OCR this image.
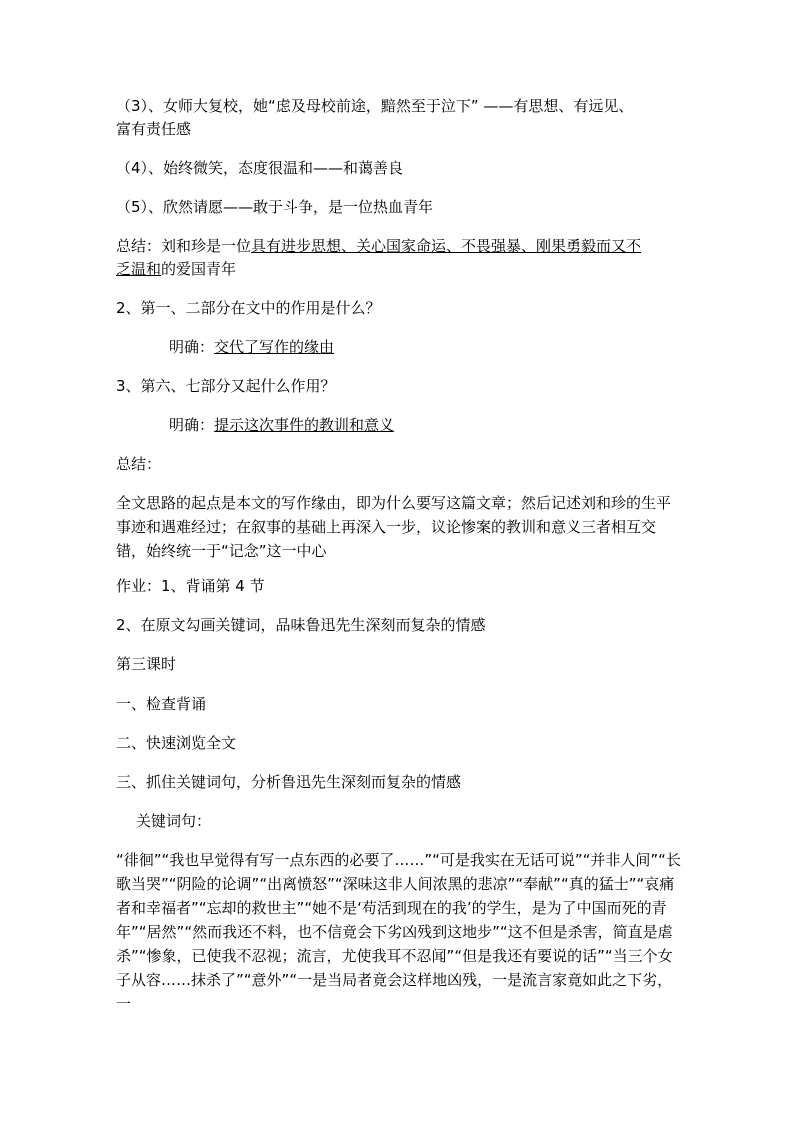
（3）、女师大复校，她“虑及母校前途，黯然至于泣下” ——有思想、有远见、

富有责任感

（4）、始终微笑，态度很温和——和蔼善良

（5）、欣然请愿——敢于斗争，是一位热血青年

总结：刘和珍是一位具有进步思想、关心国家命运、不畏强暴、刚果勇毅而又不

乏温和的爱国青年

2、第一、二部分在文中的作用是什么？

明确：交代了写作的缘由

3、第六、七部分又起什么作用？

明确：提示这次事件的教训和意义

总结：

全文思路的起点是本文的写作缘由，即为什么要写这篇文章；然后记述刘和珍的生平事迹和遇难经过；在叙事的基础上再深入一步，议论惨案的教训和意义三者相互交错，始终统一于“记念”这一中心

作业：1、背诵第 4 节

2、在原文勾画关键词，品味鲁迅先生深刻而复杂的情感

第三课时

一、检查背诵

二、快速浏览全文

三、抓住关键词句，分析鲁迅先生深刻而复杂的情感

关键词句：

“徘徊”“我也早觉得有写一点东西的必要了……”“可是我实在无话可说”“并非人间”“长歌当哭”“阴险的论调”“出离愤怒”“深味这非人间浓黑的悲凉”“奉献”“真的猛士”“哀痛者和幸福者”“忘却的救世主”“她不是‘苟活到现在的我’的学生，是为了中国而死的青年”“居然”“然而我还不料，也不信竟会下劣凶残到这地步”“这不但是杀害，简直是虐杀”“惨象，已使我不忍视；流言，尤使我耳不忍闻”“但是我还有要说的话”“当三个女子从容……抹杀了”“意外”“一是当局者竟会这样地凶残，一是流言家竟如此之下劣，一
